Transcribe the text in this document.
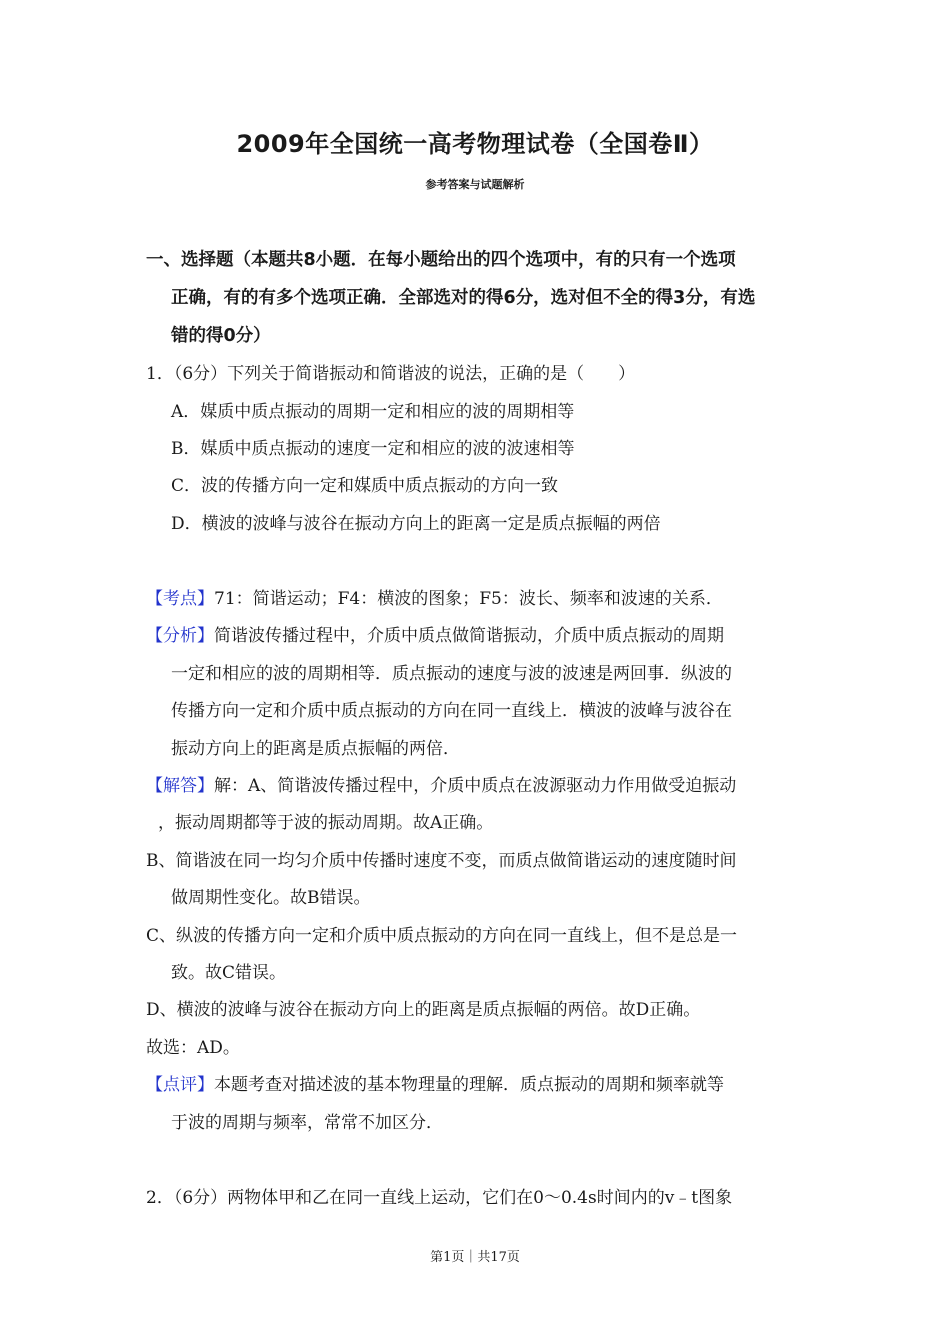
2009年全国统一高考物理试卷（全国卷Ⅱ）
参考答案与试题解析
一、选择题（本题共8小题．在每小题给出的四个选项中，有的只有一个选项
正确，有的有多个选项正确．全部选对的得6分，选对但不全的得3分，有选
错的得0分）
1．（6分）下列关于简谐振动和简谐波的说法，正确的是（　　）
A．媒质中质点振动的周期一定和相应的波的周期相等
B．媒质中质点振动的速度一定和相应的波的波速相等
C．波的传播方向一定和媒质中质点振动的方向一致
D．横波的波峰与波谷在振动方向上的距离一定是质点振幅的两倍
【考点】71：简谐运动；F4：横波的图象；F5：波长、频率和波速的关系．
【分析】简谐波传播过程中，介质中质点做简谐振动，介质中质点振动的周期
一定和相应的波的周期相等．质点振动的速度与波的波速是两回事．纵波的
传播方向一定和介质中质点振动的方向在同一直线上．横波的波峰与波谷在
振动方向上的距离是质点振幅的两倍．
【解答】解：A、简谐波传播过程中，介质中质点在波源驱动力作用做受迫振动
，振动周期都等于波的振动周期。故A正确。
B、简谐波在同一均匀介质中传播时速度不变，而质点做简谐运动的速度随时间
做周期性变化。故B错误。
C、纵波的传播方向一定和介质中质点振动的方向在同一直线上，但不是总是一
致。故C错误。
D、横波的波峰与波谷在振动方向上的距离是质点振幅的两倍。故D正确。
故选：AD。
【点评】本题考查对描述波的基本物理量的理解．质点振动的周期和频率就等
于波的周期与频率，常常不加区分．
2．（6分）两物体甲和乙在同一直线上运动，它们在0～0.4s时间内的v﹣t图象
第1页｜共17页
